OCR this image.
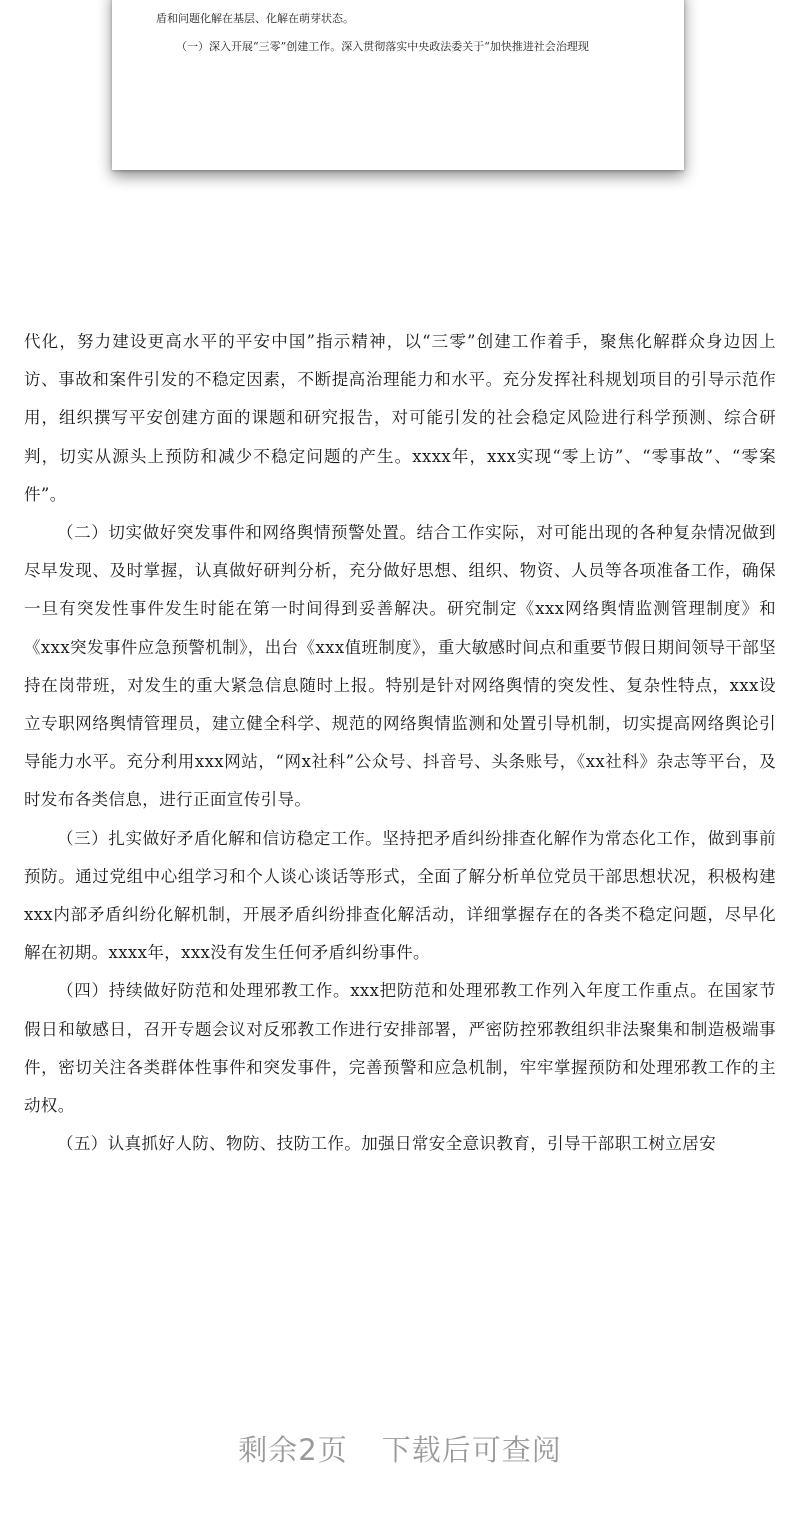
盾和问题化解在基层、化解在萌芽状态。
（一）深入开展“三零”创建工作。深入贯彻落实中央政法委关于“加快推进社会治理现

代化，努力建设更高水平的平安中国”指示精神，以“三零”创建工作着手，聚焦化解群众身边因上访、事故和案件引发的不稳定因素，不断提高治理能力和水平。充分发挥社科规划项目的引导示范作用，组织撰写平安创建方面的课题和研究报告，对可能引发的社会稳定风险进行科学预测、综合研判，切实从源头上预防和减少不稳定问题的产生。xxxx年，xxx实现“零上访”、“零事故”、“零案件”。

（二）切实做好突发事件和网络舆情预警处置。结合工作实际，对可能出现的各种复杂情况做到尽早发现、及时掌握，认真做好研判分析，充分做好思想、组织、物资、人员等各项准备工作，确保一旦有突发性事件发生时能在第一时间得到妥善解决。研究制定《xxx网络舆情监测管理制度》和《xxx突发事件应急预警机制》，出台《xxx值班制度》，重大敏感时间点和重要节假日期间领导干部坚持在岗带班，对发生的重大紧急信息随时上报。特别是针对网络舆情的突发性、复杂性特点，xxx设立专职网络舆情管理员，建立健全科学、规范的网络舆情监测和处置引导机制，切实提高网络舆论引导能力水平。充分利用xxx网站，“网x社科”公众号、抖音号、头条账号，《xx社科》杂志等平台，及时发布各类信息，进行正面宣传引导。

（三）扎实做好矛盾化解和信访稳定工作。坚持把矛盾纠纷排查化解作为常态化工作，做到事前预防。通过党组中心组学习和个人谈心谈话等形式，全面了解分析单位党员干部思想状况，积极构建xxx内部矛盾纠纷化解机制，开展矛盾纠纷排查化解活动，详细掌握存在的各类不稳定问题，尽早化解在初期。xxxx年，xxx没有发生任何矛盾纠纷事件。

（四）持续做好防范和处理邪教工作。xxx把防范和处理邪教工作列入年度工作重点。在国家节假日和敏感日，召开专题会议对反邪教工作进行安排部署，严密防控邪教组织非法聚集和制造极端事件，密切关注各类群体性事件和突发事件，完善预警和应急机制，牢牢掌握预防和处理邪教工作的主动权。

（五）认真抓好人防、物防、技防工作。加强日常安全意识教育，引导干部职工树立居安

剩余2页 下载后可查阅
